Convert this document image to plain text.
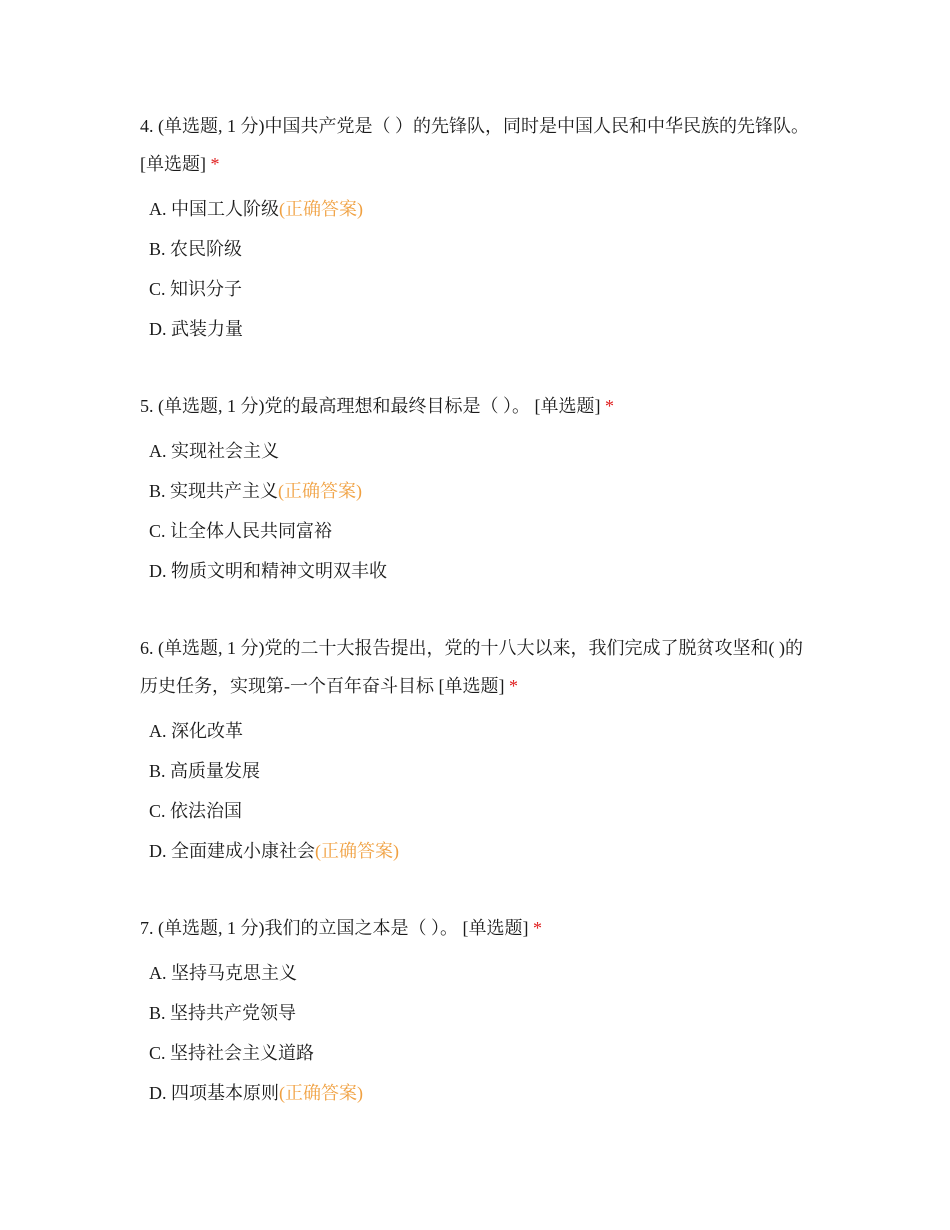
4. (单选题, 1 分)中国共产党是（ ）的先锋队，同时是中国人民和中华民族的先锋队。 [单选题] *

A. 中国工人阶级(正确答案)
B. 农民阶级
C. 知识分子
D. 武装力量

5. (单选题, 1 分)党的最高理想和最终目标是（ ）。 [单选题] *

A. 实现社会主义
B. 实现共产主义(正确答案)
C. 让全体人民共同富裕
D. 物质文明和精神文明双丰收

6. (单选题, 1 分)党的二十大报告提出，党的十八大以来，我们完成了脱贫攻坚和( )的历史任务，实现第-一个百年奋斗目标 [单选题] *

A. 深化改革
B. 高质量发展
C. 依法治国
D. 全面建成小康社会(正确答案)

7. (单选题, 1 分)我们的立国之本是（ ）。 [单选题] *

A. 坚持马克思主义
B. 坚持共产党领导
C. 坚持社会主义道路
D. 四项基本原则(正确答案)
